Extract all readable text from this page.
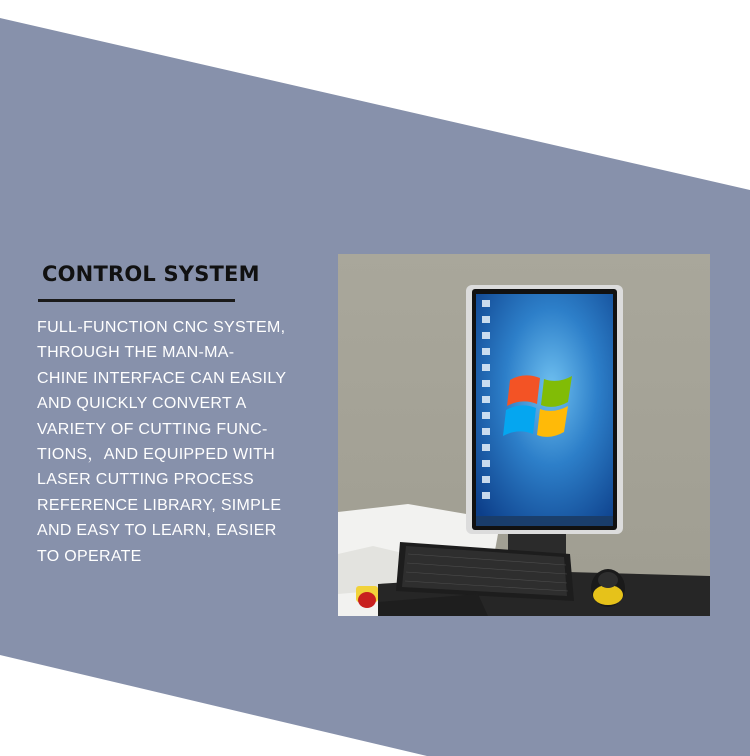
CONTROL SYSTEM

FULL-FUNCTION CNC SYSTEM,
THROUGH THE MAN-MA-
CHINE INTERFACE CAN EASILY
AND QUICKLY CONVERT A
VARIETY OF CUTTING FUNC-
TIONS，AND EQUIPPED WITH
LASER CUTTING PROCESS
REFERENCE LIBRARY, SIMPLE
AND EASY TO LEARN, EASIER
TO OPERATE
